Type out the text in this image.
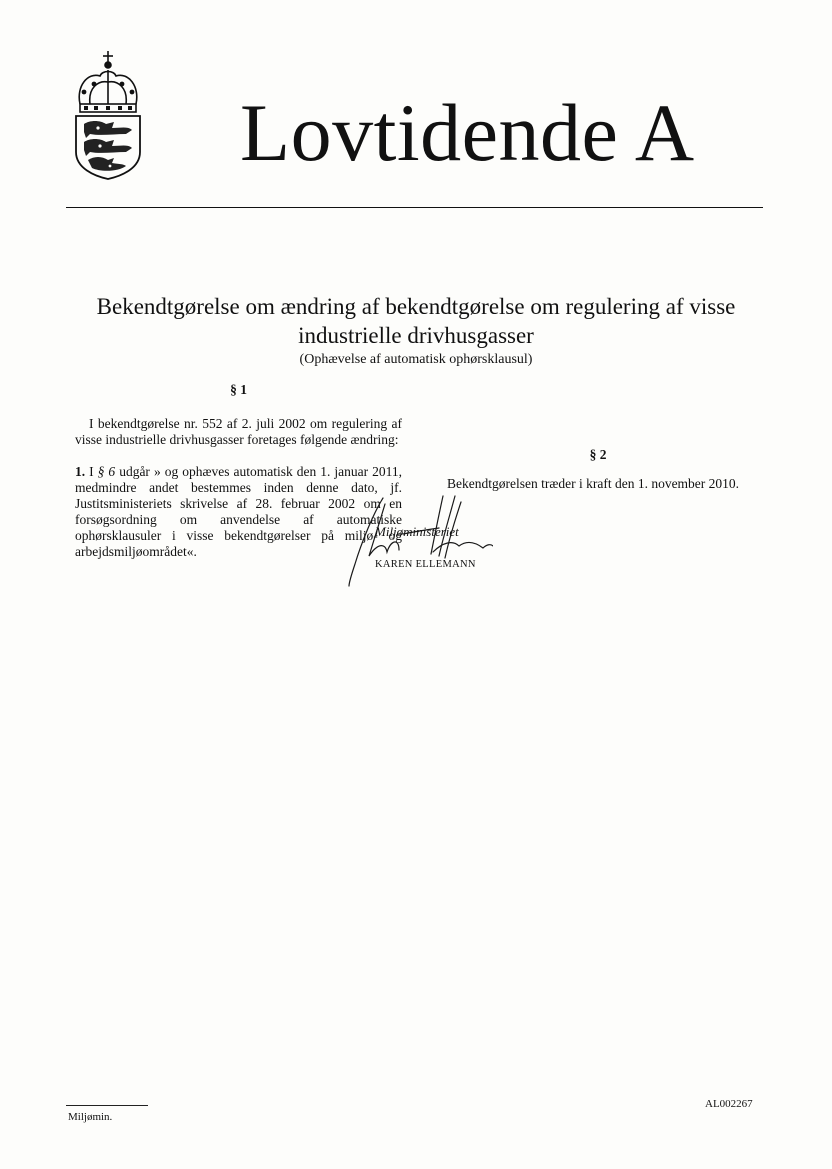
Lovtidende A
Bekendtgørelse om ændring af bekendtgørelse om regulering af visse industrielle drivhusgasser
(Ophævelse af automatisk ophørsklausul)

§ 1

I bekendtgørelse nr. 552 af 2. juli 2002 om regulering af visse industrielle drivhusgasser foretages følgende ændring:

1. I § 6 udgår » og ophæves automatisk den 1. januar 2011, medmindre andet bestemmes inden denne dato, jf. Justitsministeriets skrivelse af 28. februar 2002 om en forsøgsordning om anvendelse af automatiske ophørsklausuler i visse bekendtgørelser på miljø- og arbejdsmiljøområdet«.

§ 2

Bekendtgørelsen træder i kraft den 1. november 2010.

Miljøministeriet
KAREN ELLEMANN
Miljømin.
AL002267
